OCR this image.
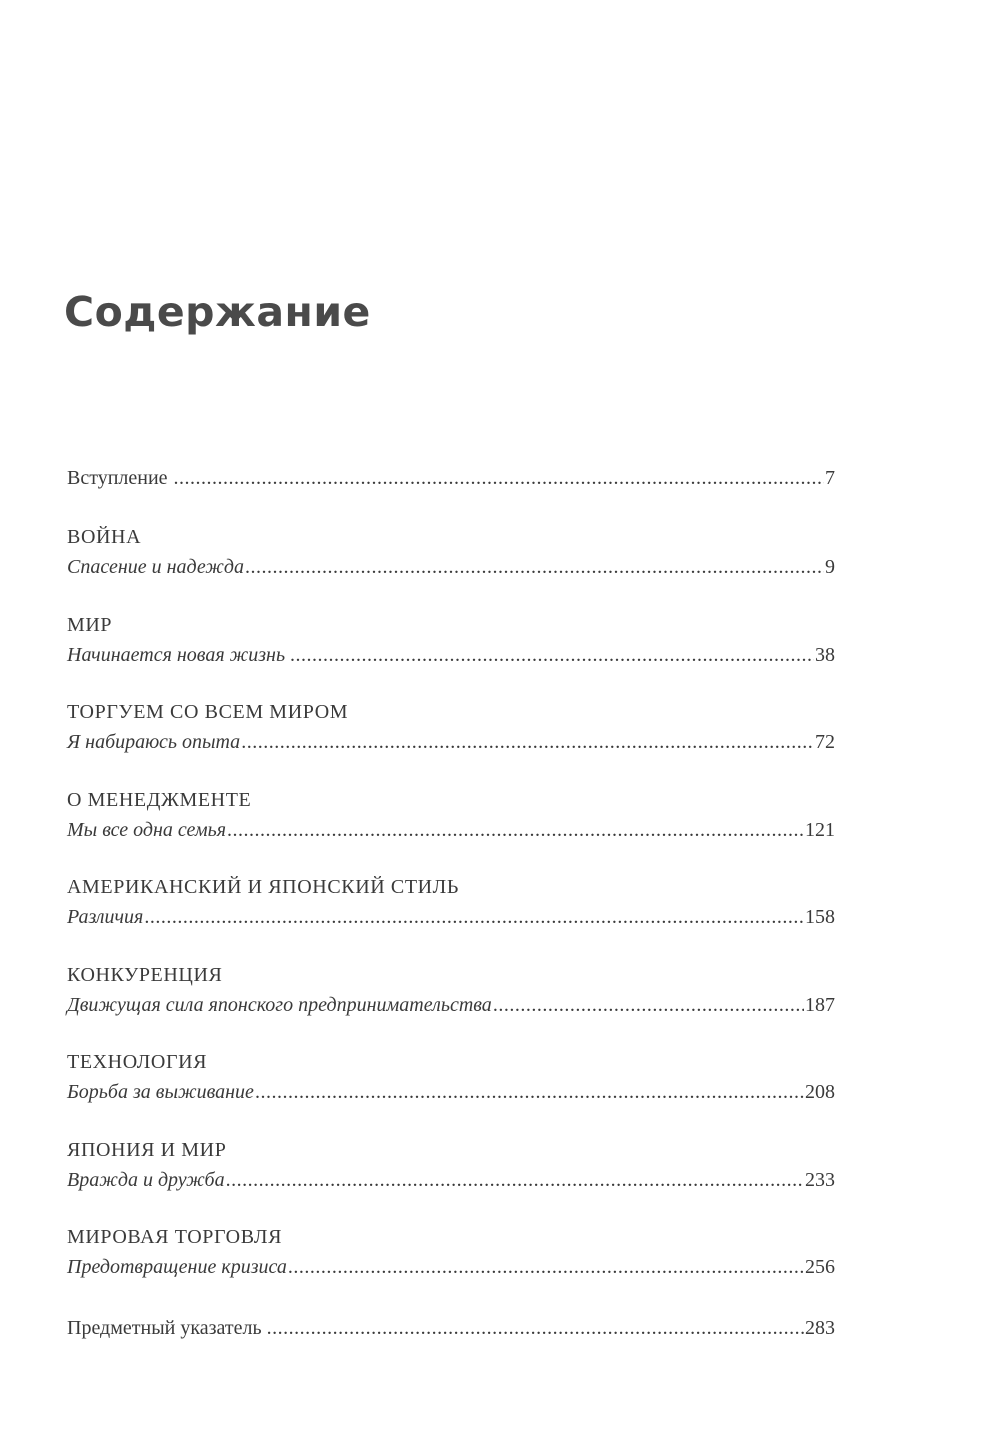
Содержание
Вступление .....	7
ВОЙНА
Спасение и надежда .....	9
МИР
Начинается новая жизнь .....	38
ТОРГУЕМ СО ВСЕМ МИРОМ
Я набираюсь опыта .....	72
О МЕНЕДЖМЕНТЕ
Мы все одна семья .....	121
АМЕРИКАНСКИЙ И ЯПОНСКИЙ СТИЛЬ
Различия .....	158
КОНКУРЕНЦИЯ
Движущая сила японского предпринимательства .....	187
ТЕХНОЛОГИЯ
Борьба за выживание .....	208
ЯПОНИЯ И МИР
Вражда и дружба .....	233
МИРОВАЯ ТОРГОВЛЯ
Предотвращение кризиса .....	256
Предметный указатель .....	283
